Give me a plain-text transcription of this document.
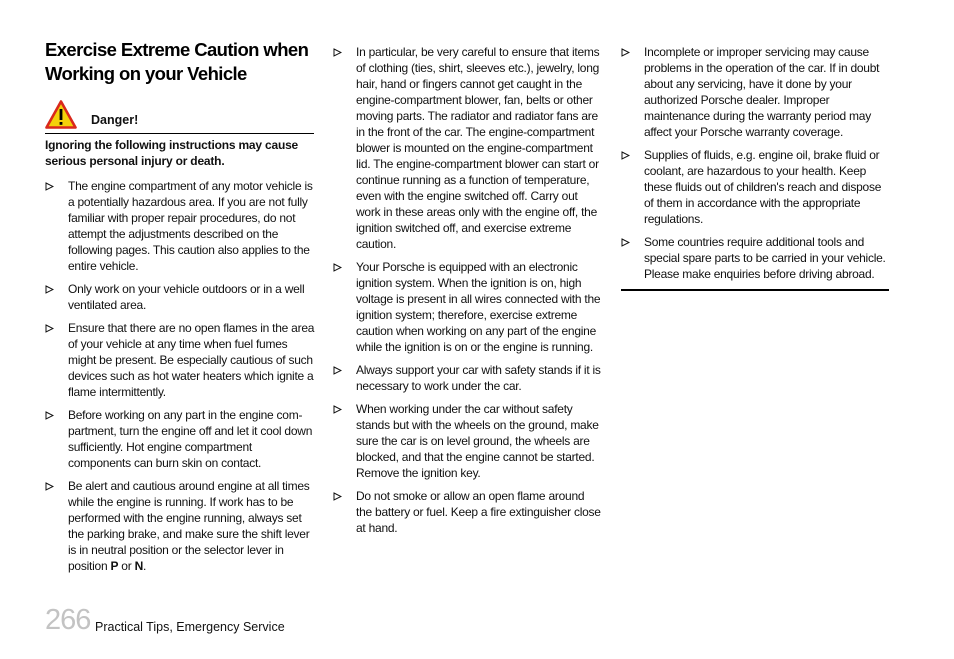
Exercise Extreme Caution when
Working on your Vehicle
Danger!
Ignoring the following instructions may cause serious personal injury or death.
The engine compartment of any motor vehicle is a potentially hazardous area. If you are not fully familiar with proper repair procedures, do not attempt the adjustments described on the following pages. This caution also applies to the entire vehicle.
Only work on your vehicle outdoors or in a well ventilated area.
Ensure that there are no open flames in the area of your vehicle at any time when fuel fumes might be present. Be especially cautious of such devices such as hot water heaters which ignite a flame intermittently.
Before working on any part in the engine com-partment, turn the engine off and let it cool down sufficiently. Hot engine compartment components can burn skin on contact.
Be alert and cautious around engine at all times while the engine is running. If work has to be performed with the engine running, always set the parking brake, and make sure the shift lever is in neutral position or the selector lever in position P or N.
In particular, be very careful to ensure that items of clothing (ties, shirt, sleeves etc.), jewelry, long hair, hand or fingers cannot get caught in the engine-compartment blower, fan, belts or other moving parts. The radiator and radiator fans are in the front of the car. The engine-compartment blower is mounted on the engine-compartment lid. The engine-compartment blower can start or continue running as a function of temperature, even with the engine switched off. Carry out work in these areas only with the engine off, the ignition switched off, and exercise extreme caution.
Your Porsche is equipped with an electronic ignition system. When the ignition is on, high voltage is present in all wires connected with the ignition system; therefore, exercise extreme caution when working on any part of the engine while the ignition is on or the engine is running.
Always support your car with safety stands if it is necessary to work under the car.
When working under the car without safety stands but with the wheels on the ground, make sure the car is on level ground, the wheels are blocked, and that the engine cannot be started. Remove the ignition key.
Do not smoke or allow an open flame around the battery or fuel. Keep a fire extinguisher close at hand.
Incomplete or improper servicing may cause problems in the operation of the car. If in doubt about any servicing, have it done by your authorized Porsche dealer. Improper maintenance during the warranty period may affect your Porsche warranty coverage.
Supplies of fluids, e.g. engine oil, brake fluid or coolant, are hazardous to your health. Keep these fluids out of children's reach and dispose of them in accordance with the appropriate regulations.
Some countries require additional tools and special spare parts to be carried in your vehicle. Please make enquiries before driving abroad.
266 Practical Tips, Emergency Service
